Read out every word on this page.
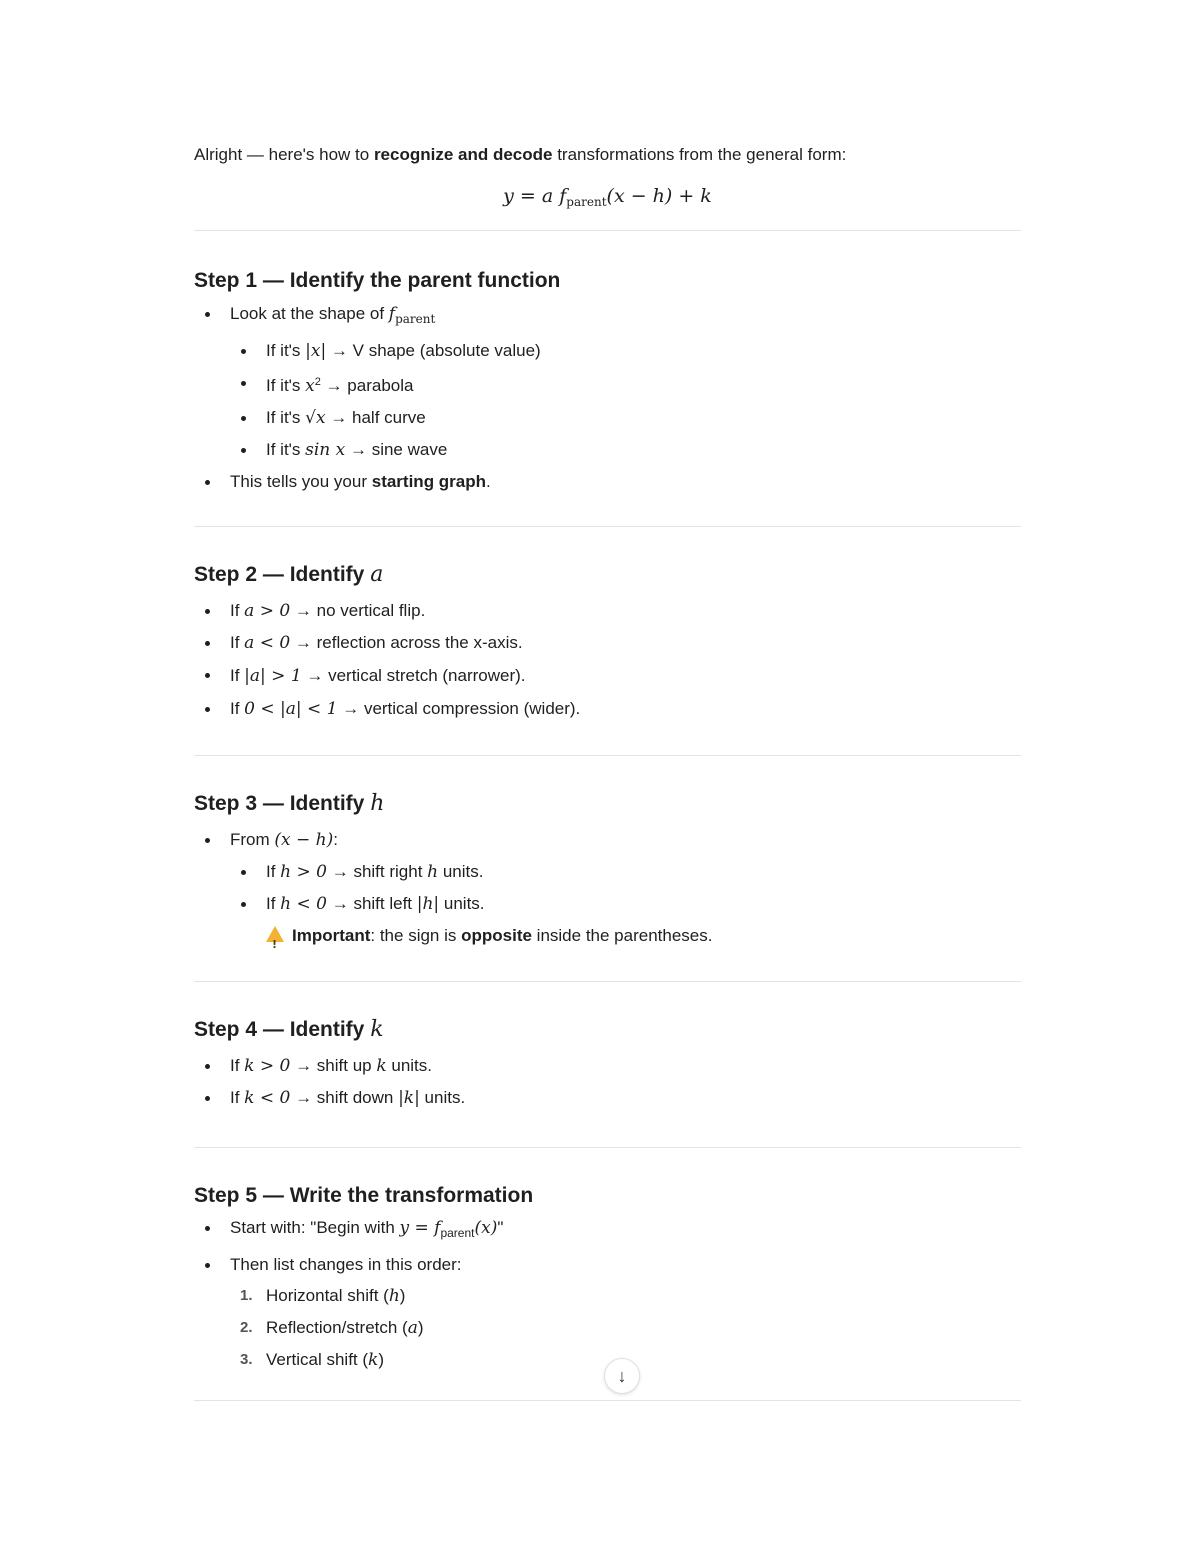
Alright — here's how to recognize and decode transformations from the general form:

y = a $f_{parent}(x - h) + k$
Step 1 — Identify the parent function
Look at the shape of $f_{parent}$
If it's |x| → V shape (absolute value)
If it's $x^2$ → parabola
If it's √x → half curve
If it's sin x → sine wave
This tells you your starting graph.
Step 2 — Identify a
If a > 0 → no vertical flip.
If a < 0 → reflection across the x-axis.
If |a| > 1 → vertical stretch (narrower).
If 0 < |a| < 1 → vertical compression (wider).
Step 3 — Identify h
From (x − h):
If h > 0 → shift right h units.
If h < 0 → shift left |h| units.
!Important: the sign is opposite inside the parentheses.
Step 4 — Identify k
If k > 0 → shift up k units.
If k < 0 → shift down |k| units.
Step 5 — Write the transformation
Start with: "Begin with $y = f_{parent}(x)$"
Then list changes in this order:
1. Horizontal shift (h)
2. Reflection/stretch (a)
3. Vertical shift (k)
↓
